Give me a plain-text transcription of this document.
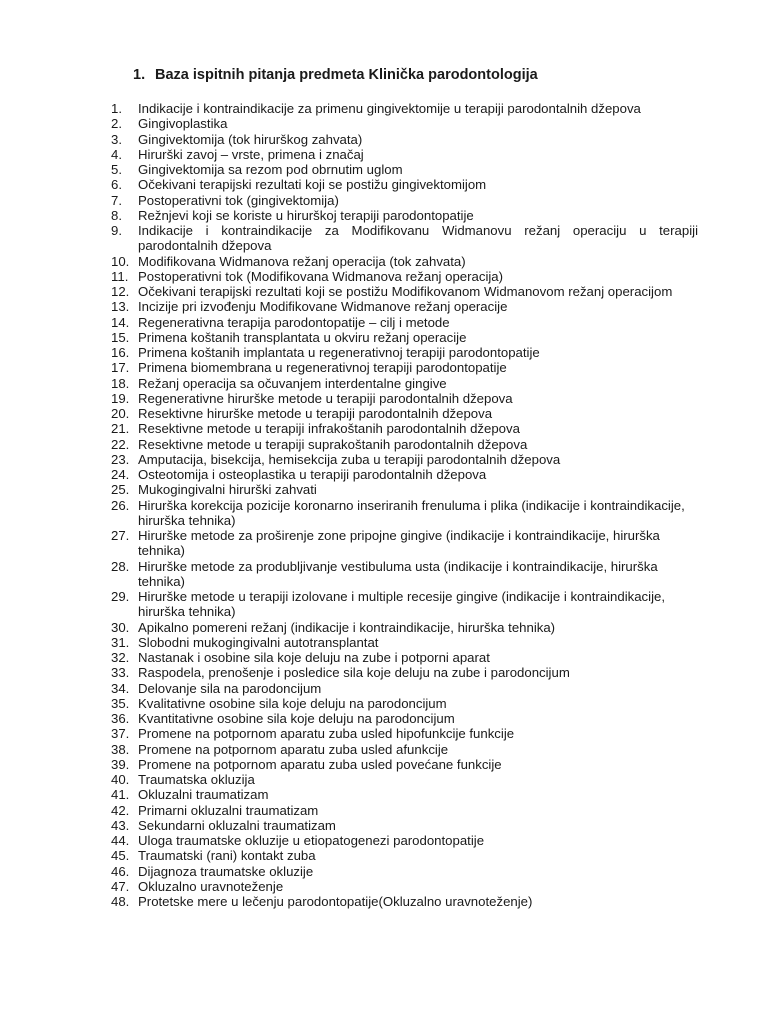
1. Baza ispitnih pitanja predmeta Klinička parodontologija
1.	Indikacije i kontraindikacije za primenu gingivektomije u terapiji parodontalnih džepova
2.	Gingivoplastika
3.	Gingivektomija (tok hirurškog zahvata)
4.	Hirurški zavoj – vrste, primena i značaj
5.	Gingivektomija sa rezom pod obrnutim uglom
6.	Očekivani terapijski rezultati koji se postižu gingivektomijom
7.	Postoperativni tok (gingivektomija)
8.	Režnjevi koji se koriste u hirurškoj terapiji parodontopatije
9.	Indikacije i kontraindikacije za Modifikovanu Widmanovu režanj operaciju u terapiji parodontalnih džepova
10. Modifikovana Widmanova režanj operacija (tok zahvata)
11. Postoperativni tok (Modifikovana Widmanova režanj operacija)
12. Očekivani terapijski rezultati koji se postižu Modifikovanom Widmanovom režanj operacijom
13. Incizije pri izvođenju Modifikovane Widmanove režanj operacije
14. Regenerativna terapija parodontopatije – cilj i metode
15. Primena koštanih transplantata u okviru režanj operacije
16. Primena koštanih implantata u regenerativnoj terapiji parodontopatije
17. Primena biomembrana u regenerativnoj terapiji parodontopatije
18. Režanj operacija sa očuvanjem interdentalne gingive
19. Regenerativne hirurške metode u terapiji parodontalnih džepova
20. Resektivne hirurške metode u terapiji parodontalnih džepova
21. Resektivne metode u terapiji infrakoštanih parodontalnih džepova
22. Resektivne metode u terapiji suprakoštanih parodontalnih džepova
23. Amputacija, bisekcija, hemisekcija zuba u terapiji parodontalnih džepova
24. Osteotomija i osteoplastika u terapiji parodontalnih džepova
25. Mukogingivalni hirurški zahvati
26. Hirurška korekcija pozicije koronarno inseriranih frenuluma i plika (indikacije i kontraindikacije, hirurška tehnika)
27. Hirurške metode za proširenje zone pripojne gingive (indikacije i kontraindikacije, hirurška tehnika)
28. Hirurške metode za produbljivanje vestibuluma usta (indikacije i kontraindikacije, hirurška tehnika)
29. Hirurške metode u terapiji izolovane i multiple recesije gingive (indikacije i kontraindikacije, hirurška tehnika)
30. Apikalno pomereni režanj (indikacije i kontraindikacije, hirurška tehnika)
31. Slobodni mukogingivalni autotransplantat
32. Nastanak i osobine sila koje deluju na zube i potporni aparat
33. Raspodela, prenošenje i posledice sila koje deluju na zube i parodoncijum
34. Delovanje sila na parodoncijum
35. Kvalitativne osobine sila koje deluju na parodoncijum
36. Kvantitativne osobine sila koje deluju na parodoncijum
37. Promene na potpornom aparatu zuba usled hipofunkcije funkcije
38. Promene na potpornom aparatu zuba usled afunkcije
39. Promene na potpornom aparatu zuba usled povećane funkcije
40. Traumatska okluzija
41. Okluzalni traumatizam
42. Primarni okluzalni traumatizam
43. Sekundarni okluzalni traumatizam
44. Uloga traumatske okluzije u etiopatogenezi parodontopatije
45. Traumatski (rani) kontakt zuba
46. Dijagnoza traumatske okluzije
47. Okluzalno uravnoteženje
48. Protetske mere u lečenju parodontopatije(Okluzalno uravnoteženje)
